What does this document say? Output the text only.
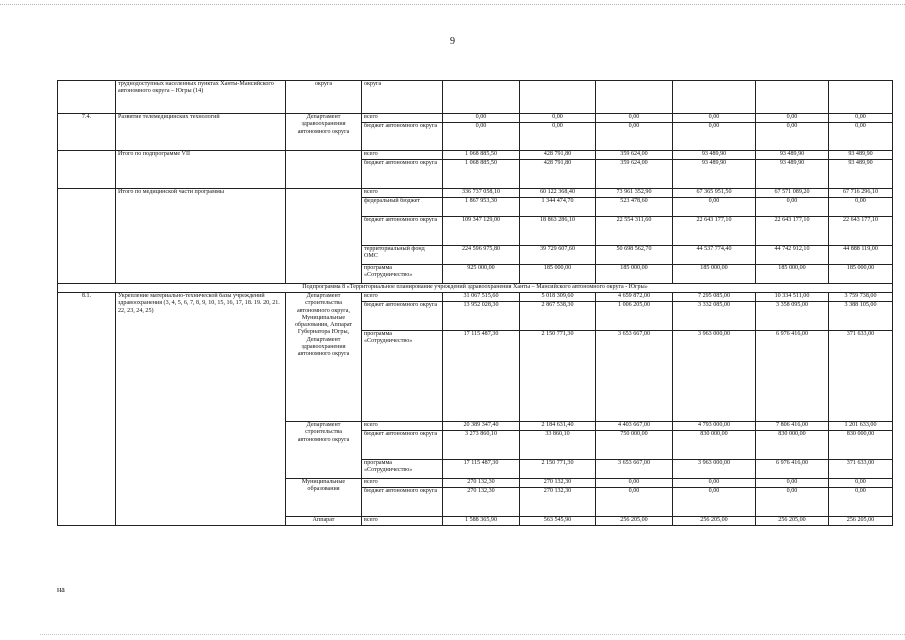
9
	труднодоступных населенных пунктах Ханты-Мансийского автономного округа – Югры (14)	округа	округа						
7.4.	Развитие телемедицинских технологий	Департамент здравоохранения автономного округа	всего	0,00	0,00	0,00	0,00	0,00	0,00
			бюджет автономного округа	0,00	0,00	0,00	0,00	0,00	0,00
	Итого по подпрограмме VII		всего	1 068 885,50	428 791,80	359 624,00	93 489,90	93 489,90	93 489,90
			бюджет автономного округа	1 068 885,50	428 791,80	359 624,00	93 489,90	93 489,90	93 489,90
	Итого по медицинской части программы		всего	336 737 058,10	60 122 368,40	73 961 352,90	67 365 951,50	67 571 089,20	67 716 296,10
			федеральный бюджет	1 867 953,30	1 344 474,70	523 478,60	0,00	0,00	0,00
			бюджет автономного округа	109 347 129,00	18 863 286,10	22 554 311,60	22 643 177,10	22 643 177,10	22 643 177,10
			территориальный фонд ОМС	224 596 975,80	39 729 607,60	50 698 562,70	44 537 774,40	44 742 912,10	44 888 119,00
			программа «Сотрудничество»	925 000,00	185 000,00	185 000,00	185 000,00	185 000,00	185 000,00
Подпрограмма 8 «Территориальное планирование учреждений здравоохранения Ханты – Мансийского автономного округа - Югры»									
8.1.	Укрепление материально-технической базы учреждений здравоохранения (3, 4, 5, 6, 7, 8, 9, 10, 15, 16, 17, 18. 19. 20, 21. 22, 23, 24, 25)	Департамент строительства автономного округа, Муниципальные образования, Аппарат Губернатора Югры, Департамент здравоохранения автономного округа	всего	31 067 515,60	5 018 309,60	4 659 872,00	7 295 085,00	10 334 511,00	3 759 738,00
			бюджет автономного округа	13 952 028,30	2 867 538,30	1 006 205,00	3 332 085,00	3 358 095,00	3 388 105,00
			программа «Сотрудничество»	17 115 487,30	2 150 771,30	3 653 667,00	3 963 000,00	6 976 416,00	371 633,00
		Департамент строительства автономного округа	всего	20 389 347,40	2 184 631,40	4 403 667,00	4 793 000,00	7 806 416,00	1 201 633,00
			бюджет автономного округа	3 273 860,10	33 860,10	750 000,00	830 000,00	830 000,00	830 000,00
			программа «Сотрудничество»	17 115 487,30	2 150 771,30	3 653 667,00	3 963 000,00	6 976 416,00	371 633,00
		Муниципальные образования	всего	270 132,30	270 132,30	0,00	0,00	0,00	0,00
			бюджет автономного округа	270 132,30	270 132,30	0,00	0,00	0,00	0,00
		Аппарат	всего	1 588 365,90	563 545,90	256 205,00	256 205,00	256 205,00	256 205,00
на
